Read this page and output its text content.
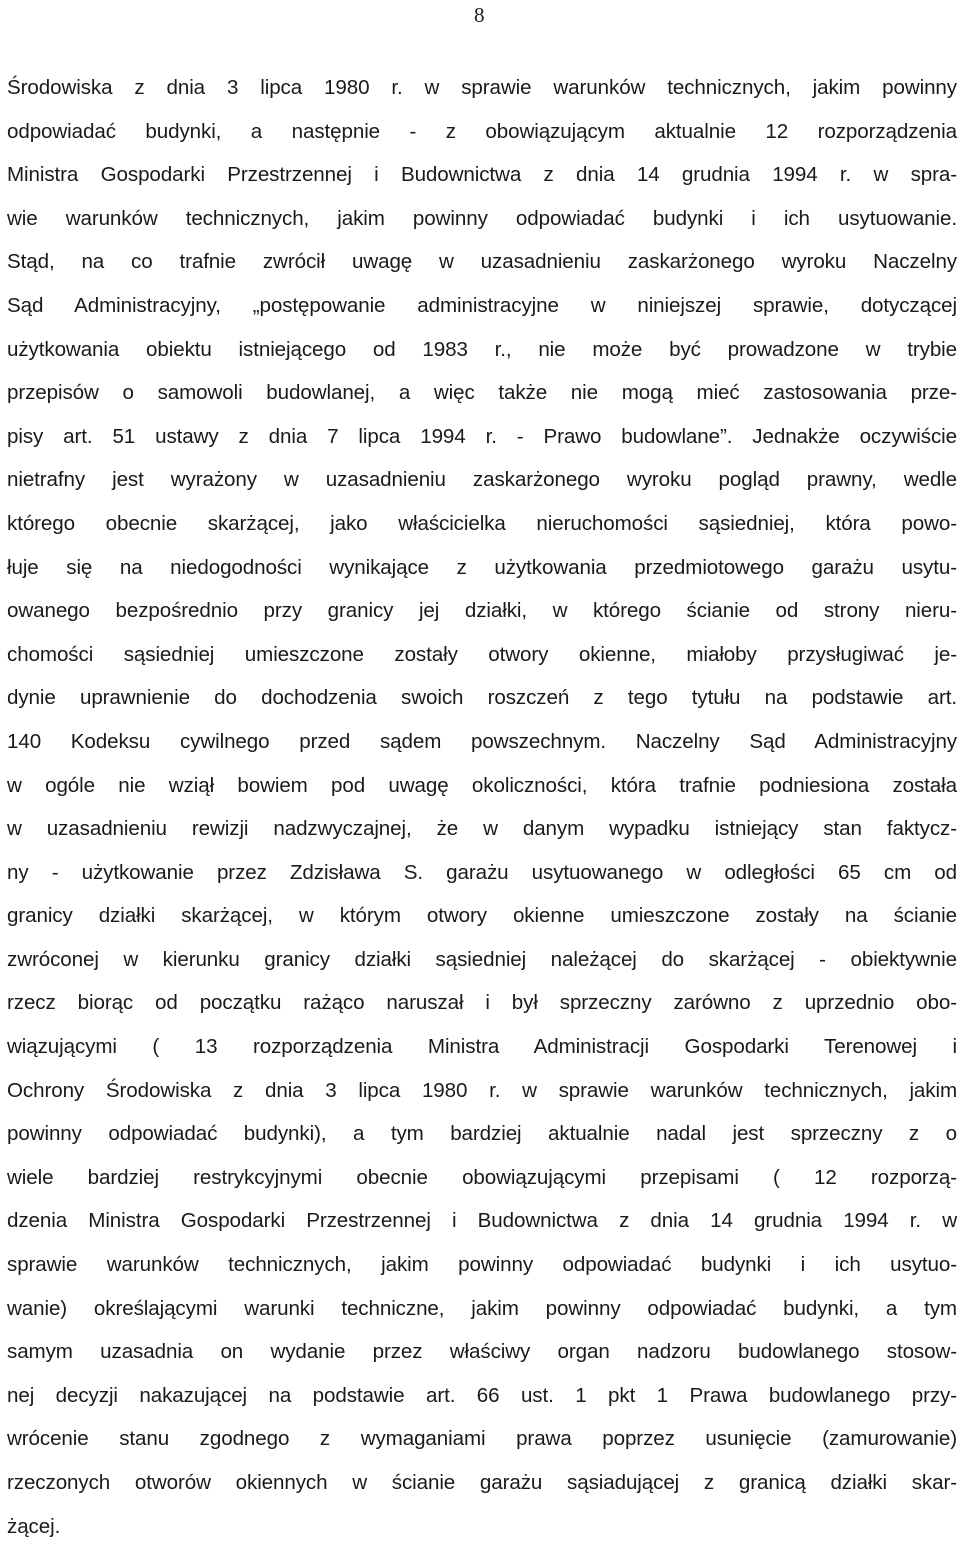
8
Środowiska z dnia 3 lipca 1980 r. w sprawie warunków technicznych, jakim powinny
odpowiadać budynki, a następnie - z obowiązującym aktualnie 12 rozporządzenia
Ministra Gospodarki Przestrzennej i Budownictwa z dnia 14 grudnia 1994 r. w spra-
wie warunków technicznych, jakim powinny odpowiadać budynki i ich usytuowanie.
Stąd, na co trafnie zwrócił uwagę w uzasadnieniu zaskarżonego wyroku Naczelny
Sąd Administracyjny, „postępowanie administracyjne w niniejszej sprawie, dotyczącej
użytkowania obiektu istniejącego od 1983 r., nie może być prowadzone w trybie
przepisów o samowoli budowlanej, a więc także nie mogą mieć zastosowania prze-
pisy art. 51 ustawy z dnia 7 lipca 1994 r. - Prawo budowlane”. Jednakże oczywiście
nietrafny jest wyrażony w uzasadnieniu zaskarżonego wyroku pogląd prawny, wedle
którego obecnie skarżącej, jako właścicielka nieruchomości sąsiedniej, która powo-
łuje się na niedogodności wynikające z użytkowania przedmiotowego garażu usytu-
owanego bezpośrednio przy granicy jej działki, w którego ścianie od strony nieru-
chomości sąsiedniej umieszczone zostały otwory okienne, miałoby przysługiwać je-
dynie uprawnienie do dochodzenia swoich roszczeń z tego tytułu na podstawie art.
140 Kodeksu cywilnego przed sądem powszechnym. Naczelny Sąd Administracyjny
w ogóle nie wziął bowiem pod uwagę okoliczności, która trafnie podniesiona została
w uzasadnieniu rewizji nadzwyczajnej, że w danym wypadku istniejący stan faktycz-
ny - użytkowanie przez Zdzisława S. garażu usytuowanego w odległości 65 cm od
granicy działki skarżącej, w którym otwory okienne umieszczone zostały na ścianie
zwróconej w kierunku granicy działki sąsiedniej należącej do skarżącej - obiektywnie
rzecz biorąc od początku rażąco naruszał i był sprzeczny zarówno z uprzednio obo-
wiązującymi ( 13 rozporządzenia Ministra Administracji Gospodarki Terenowej i
Ochrony Środowiska z dnia 3 lipca 1980 r. w sprawie warunków technicznych, jakim
powinny odpowiadać budynki), a tym bardziej aktualnie nadal jest sprzeczny z o
wiele bardziej restrykcyjnymi obecnie obowiązującymi przepisami ( 12 rozporzą-
dzenia Ministra Gospodarki Przestrzennej i Budownictwa z dnia 14 grudnia 1994 r. w
sprawie warunków technicznych, jakim powinny odpowiadać budynki i ich usytuo-
wanie) określającymi warunki techniczne, jakim powinny odpowiadać budynki, a tym
samym uzasadnia on wydanie przez właściwy organ nadzoru budowlanego stosow-
nej decyzji nakazującej na podstawie art. 66 ust. 1 pkt 1 Prawa budowlanego przy-
wrócenie stanu zgodnego z wymaganiami prawa poprzez usunięcie (zamurowanie)
rzeczonych otworów okiennych w ścianie garażu sąsiadującej z granicą działki skar-
żącej.
